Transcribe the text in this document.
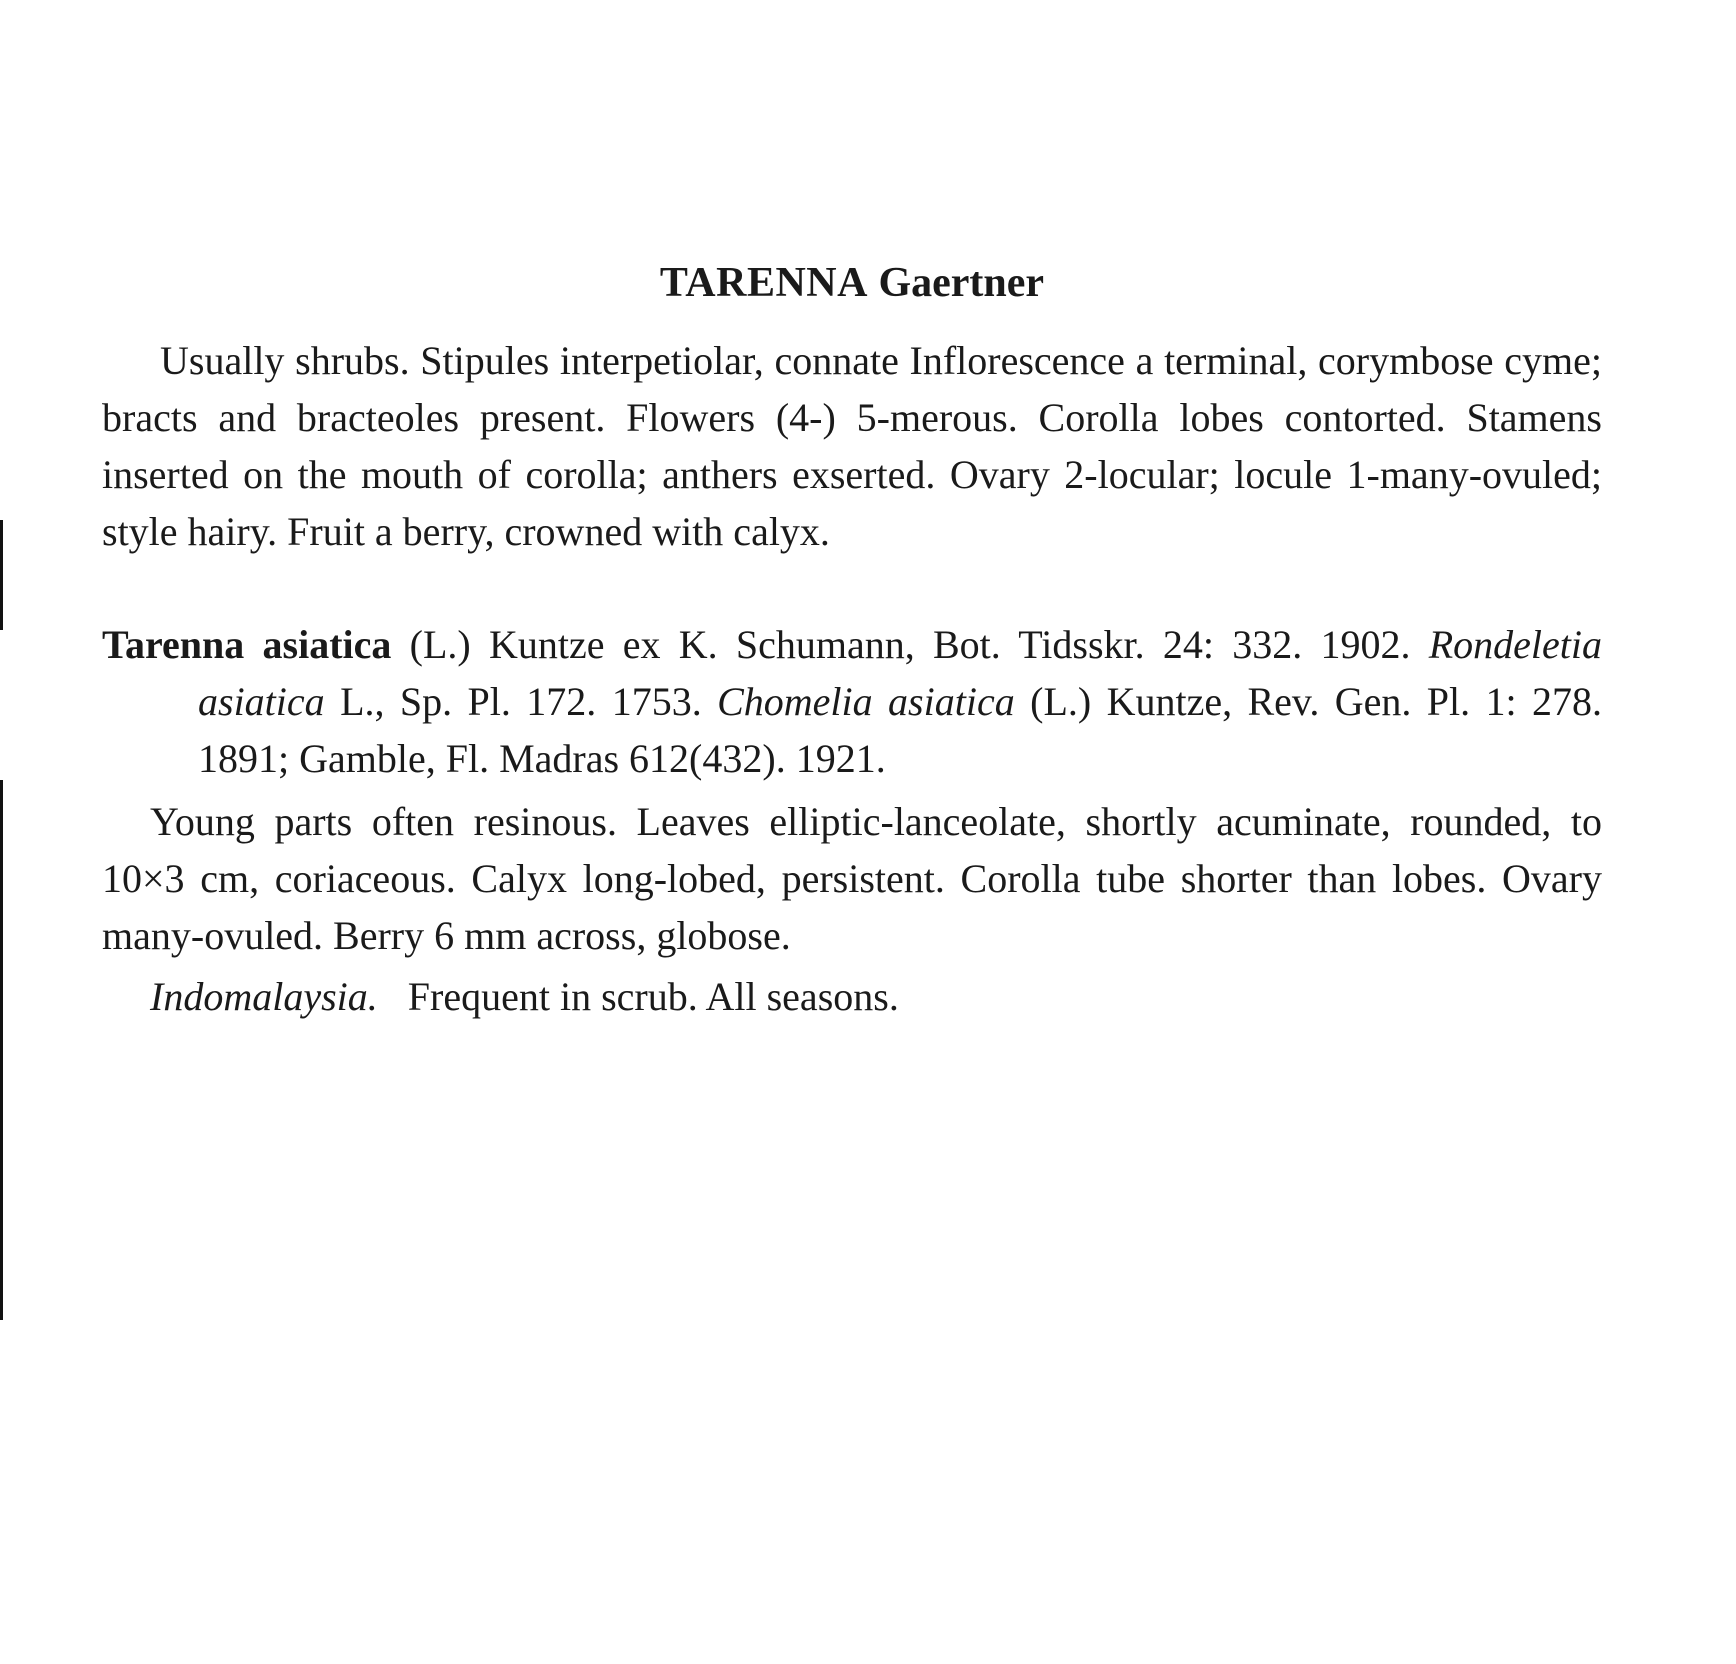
TARENNA Gaertner

Usually shrubs. Stipules interpetiolar, connate Inflorescence a terminal, corymbose cyme; bracts and bracteoles present. Flowers (4-) 5-merous. Corolla lobes contorted. Stamens inserted on the mouth of corolla; anthers exserted. Ovary 2-locular; locule 1-many-ovuled; style hairy. Fruit a berry, crowned with calyx.

Tarenna asiatica (L.) Kuntze ex K. Schumann, Bot. Tidsskr. 24: 332. 1902. Rondeletia asiatica L., Sp. Pl. 172. 1753. Chomelia asiatica (L.) Kuntze, Rev. Gen. Pl. 1: 278. 1891; Gamble, Fl. Madras 612(432). 1921.

Young parts often resinous. Leaves elliptic-lanceolate, shortly acuminate, rounded, to 10×3 cm, coriaceous. Calyx long-lobed, persistent. Corolla tube shorter than lobes. Ovary many-ovuled. Berry 6 mm across, globose.

Indomalaysia. Frequent in scrub. All seasons.
